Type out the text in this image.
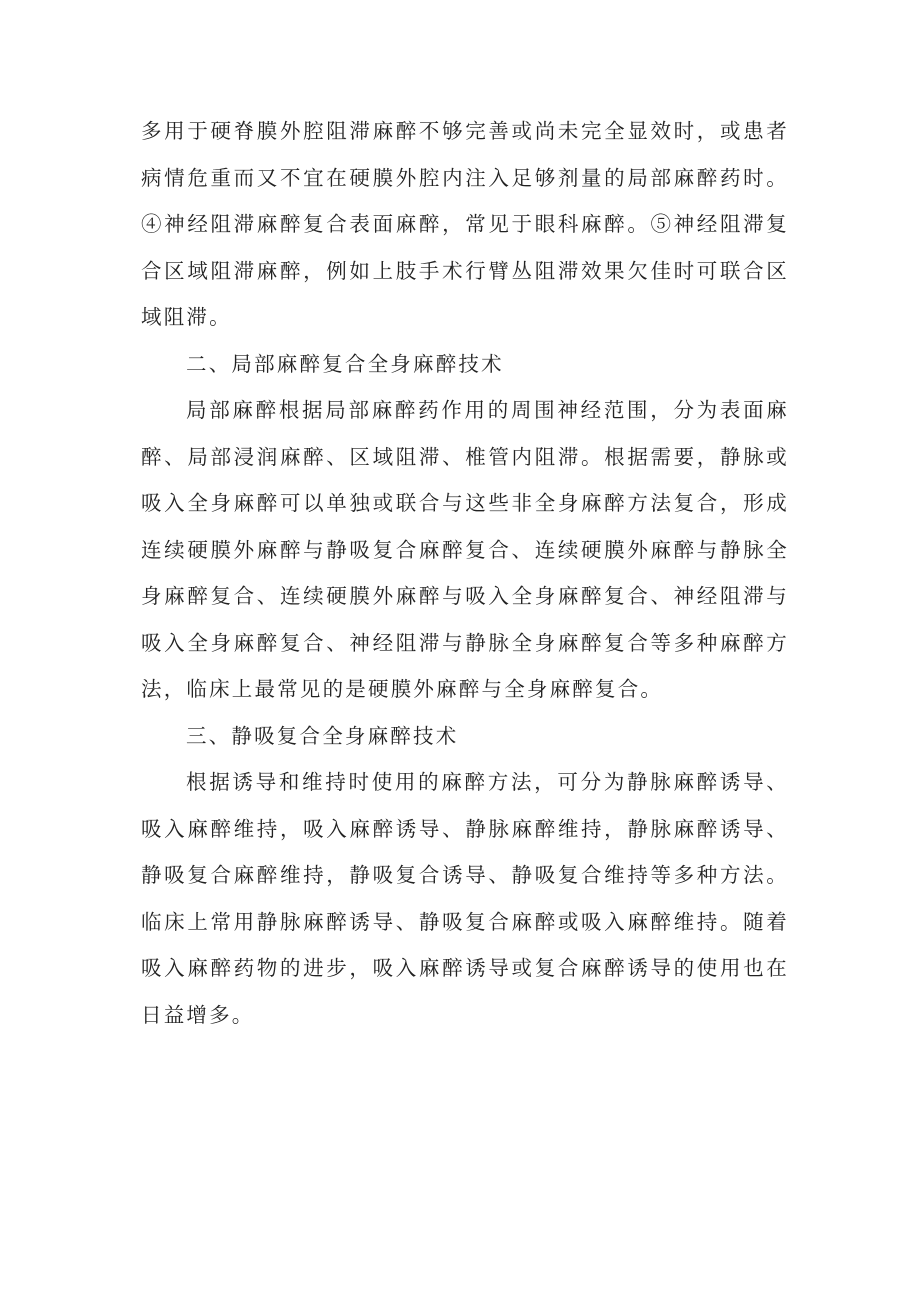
多用于硬脊膜外腔阻滞麻醉不够完善或尚未完全显效时，或患者病情危重而又不宜在硬膜外腔内注入足够剂量的局部麻醉药时。④神经阻滞麻醉复合表面麻醉，常见于眼科麻醉。⑤神经阻滞复合区域阻滞麻醉，例如上肢手术行臂丛阻滞效果欠佳时可联合区域阻滞。

二、局部麻醉复合全身麻醉技术

局部麻醉根据局部麻醉药作用的周围神经范围，分为表面麻醉、局部浸润麻醉、区域阻滞、椎管内阻滞。根据需要，静脉或吸入全身麻醉可以单独或联合与这些非全身麻醉方法复合，形成连续硬膜外麻醉与静吸复合麻醉复合、连续硬膜外麻醉与静脉全身麻醉复合、连续硬膜外麻醉与吸入全身麻醉复合、神经阻滞与吸入全身麻醉复合、神经阻滞与静脉全身麻醉复合等多种麻醉方法，临床上最常见的是硬膜外麻醉与全身麻醉复合。

三、静吸复合全身麻醉技术

根据诱导和维持时使用的麻醉方法，可分为静脉麻醉诱导、吸入麻醉维持，吸入麻醉诱导、静脉麻醉维持，静脉麻醉诱导、静吸复合麻醉维持，静吸复合诱导、静吸复合维持等多种方法。临床上常用静脉麻醉诱导、静吸复合麻醉或吸入麻醉维持。随着吸入麻醉药物的进步，吸入麻醉诱导或复合麻醉诱导的使用也在日益增多。
